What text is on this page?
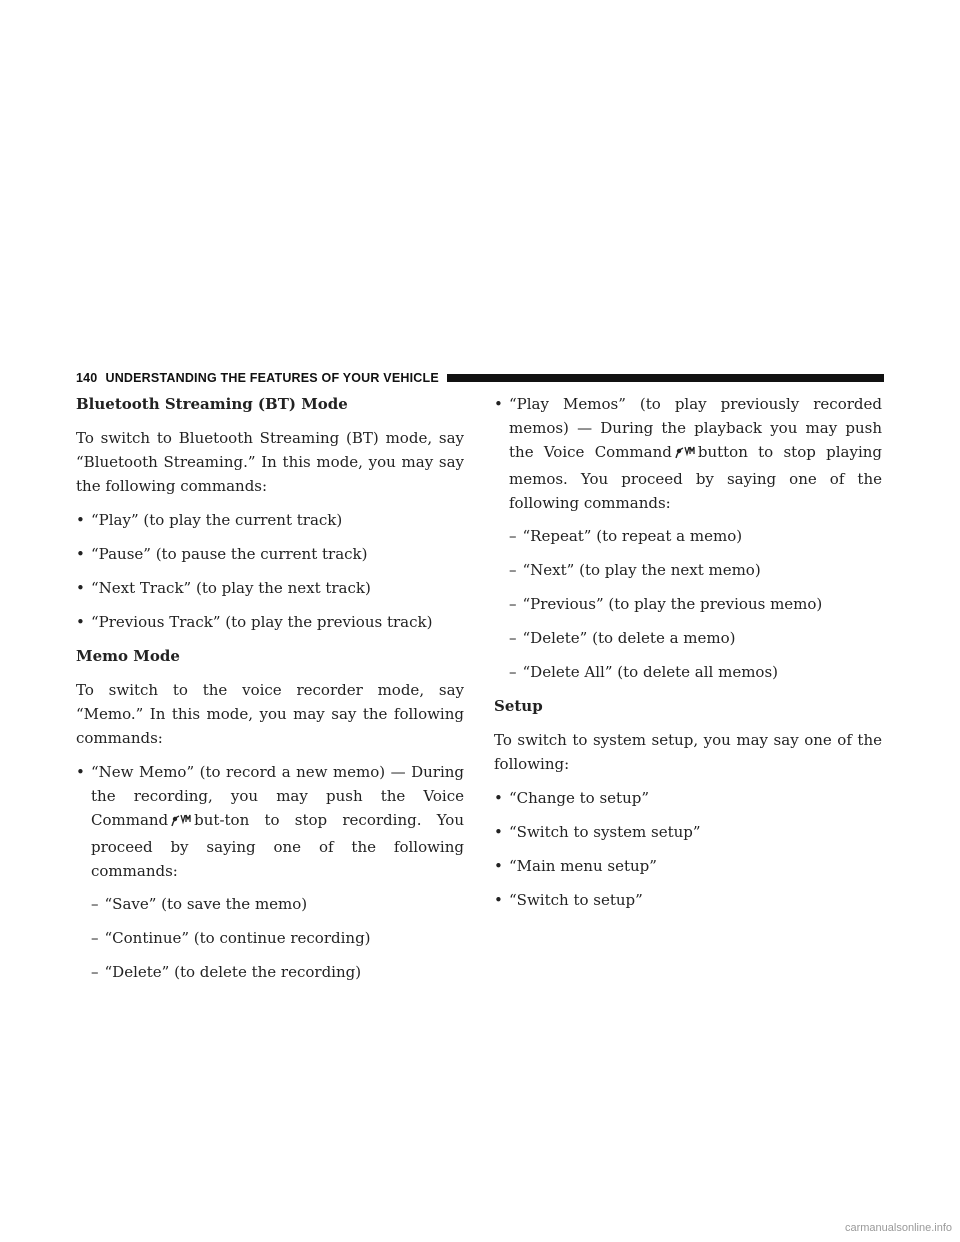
140 UNDERSTANDING THE FEATURES OF YOUR VEHICLE

Bluetooth Streaming (BT) Mode

To switch to Bluetooth Streaming (BT) mode, say “Bluetooth Streaming.” In this mode, you may say the following commands:

• “Play” (to play the current track)
• “Pause” (to pause the current track)
• “Next Track” (to play the next track)
• “Previous Track” (to play the previous track)

Memo Mode

To switch to the voice recorder mode, say “Memo.” In this mode, you may say the following commands:

• “New Memo” (to record a new memo) — During the recording, you may push the Voice Command but-ton to stop recording. You proceed by saying one of the following commands:
– “Save” (to save the memo)
– “Continue” (to continue recording)
– “Delete” (to delete the recording)
• “Play Memos” (to play previously recorded memos) — During the playback you may push the Voice Command button to stop playing memos. You proceed by saying one of the following commands:
– “Repeat” (to repeat a memo)
– “Next” (to play the next memo)
– “Previous” (to play the previous memo)
– “Delete” (to delete a memo)
– “Delete All” (to delete all memos)

Setup

To switch to system setup, you may say one of the following:

• “Change to setup”
• “Switch to system setup”
• “Main menu setup”
• “Switch to setup”
carmanualsonline.info
